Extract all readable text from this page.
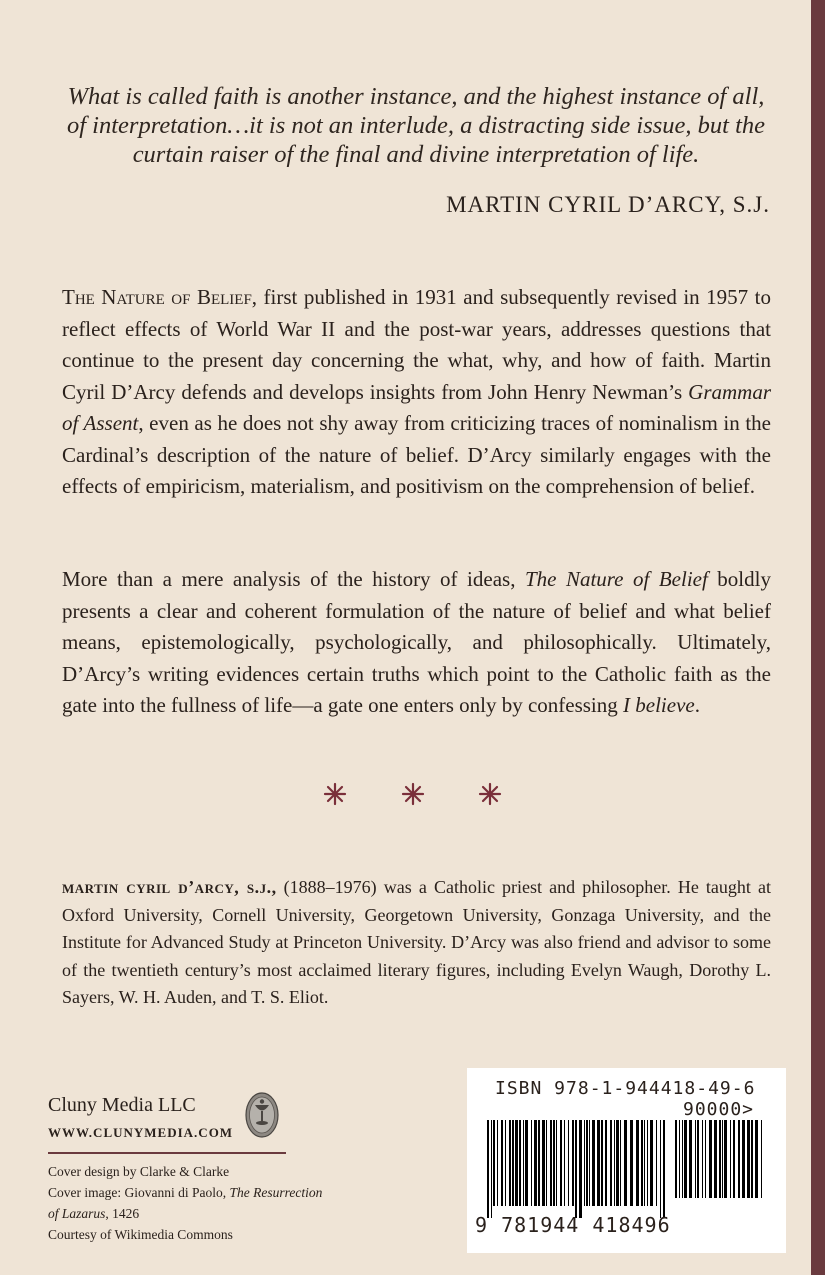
What is called faith is another instance, and the highest instance of all, of interpretation…it is not an interlude, a distracting side issue, but the curtain raiser of the final and divine interpretation of life.
MARTIN CYRIL D’ARCY, S.J.
The Nature of Belief, first published in 1931 and subsequently revised in 1957 to reflect effects of World War II and the post-war years, addresses questions that continue to the present day concerning the what, why, and how of faith. Martin Cyril D’Arcy defends and develops insights from John Henry Newman’s Grammar of Assent, even as he does not shy away from criticizing traces of nominalism in the Cardinal’s description of the nature of belief. D’Arcy similarly engages with the effects of empiricism, materialism, and positivism on the comprehension of belief.
More than a mere analysis of the history of ideas, The Nature of Belief boldly presents a clear and coherent formulation of the nature of belief and what belief means, epistemologically, psychologically, and philosophically. Ultimately, D’Arcy’s writing evidences certain truths which point to the Catholic faith as the gate into the fullness of life—a gate one enters only by confessing I believe.

martin cyril d’arcy, s.j., (1888–1976) was a Catholic priest and philosopher. He taught at Oxford University, Cornell University, Georgetown University, Gonzaga University, and the Institute for Advanced Study at Princeton University. D’Arcy was also friend and advisor to some of the twentieth century’s most acclaimed literary figures, including Evelyn Waugh, Dorothy L. Sayers, W. H. Auden, and T. S. Eliot.
Cluny Media LLC
WWW.CLUNYMEDIA.COM
Cover design by Clarke & Clarke
Cover image: Giovanni di Paolo, The Resurrection
of Lazarus, 1426
Courtesy of Wikimedia Commons
ISBN 978-1-944418-49-6
90000>
9 781944 418496
